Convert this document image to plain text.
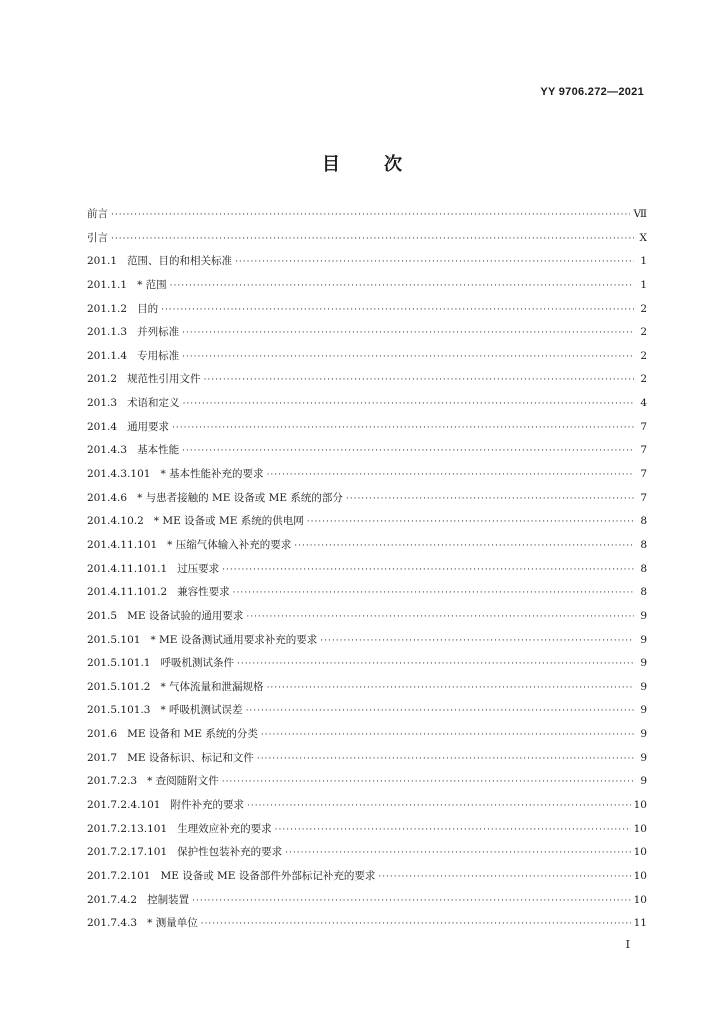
YY 9706.272—2021
目 次
前言 ·····	Ⅶ
引言 ·····	Ⅹ
201.1 范围、目的和相关标准 ·····	1
201.1.1 * 范围 ·····	1
201.1.2 目的 ·····	2
201.1.3 并列标准 ·····	2
201.1.4 专用标准 ·····	2
201.2 规范性引用文件 ·····	2
201.3 术语和定义 ·····	4
201.4 通用要求 ·····	7
201.4.3 基本性能 ·····	7
201.4.3.101 * 基本性能补充的要求 ·····	7
201.4.6 * 与患者接触的 ME 设备或 ME 系统的部分 ·····	7
201.4.10.2 * ME 设备或 ME 系统的供电网 ·····	8
201.4.11.101 * 压缩气体输入补充的要求 ·····	8
201.4.11.101.1 过压要求 ·····	8
201.4.11.101.2 兼容性要求 ·····	8
201.5 ME 设备试验的通用要求 ·····	9
201.5.101 * ME 设备测试通用要求补充的要求 ·····	9
201.5.101.1 呼吸机测试条件 ·····	9
201.5.101.2 * 气体流量和泄漏规格 ·····	9
201.5.101.3 * 呼吸机测试误差 ·····	9
201.6 ME 设备和 ME 系统的分类 ·····	9
201.7 ME 设备标识、标记和文件 ·····	9
201.7.2.3 * 查阅随附文件 ·····	9
201.7.2.4.101 附件补充的要求 ·····	10
201.7.2.13.101 生理效应补充的要求 ·····	10
201.7.2.17.101 保护性包装补充的要求 ·····	10
201.7.2.101 ME 设备或 ME 设备部件外部标记补充的要求 ·····	10
201.7.4.2 控制装置 ·····	10
201.7.4.3 * 测量单位 ·····	11
I
